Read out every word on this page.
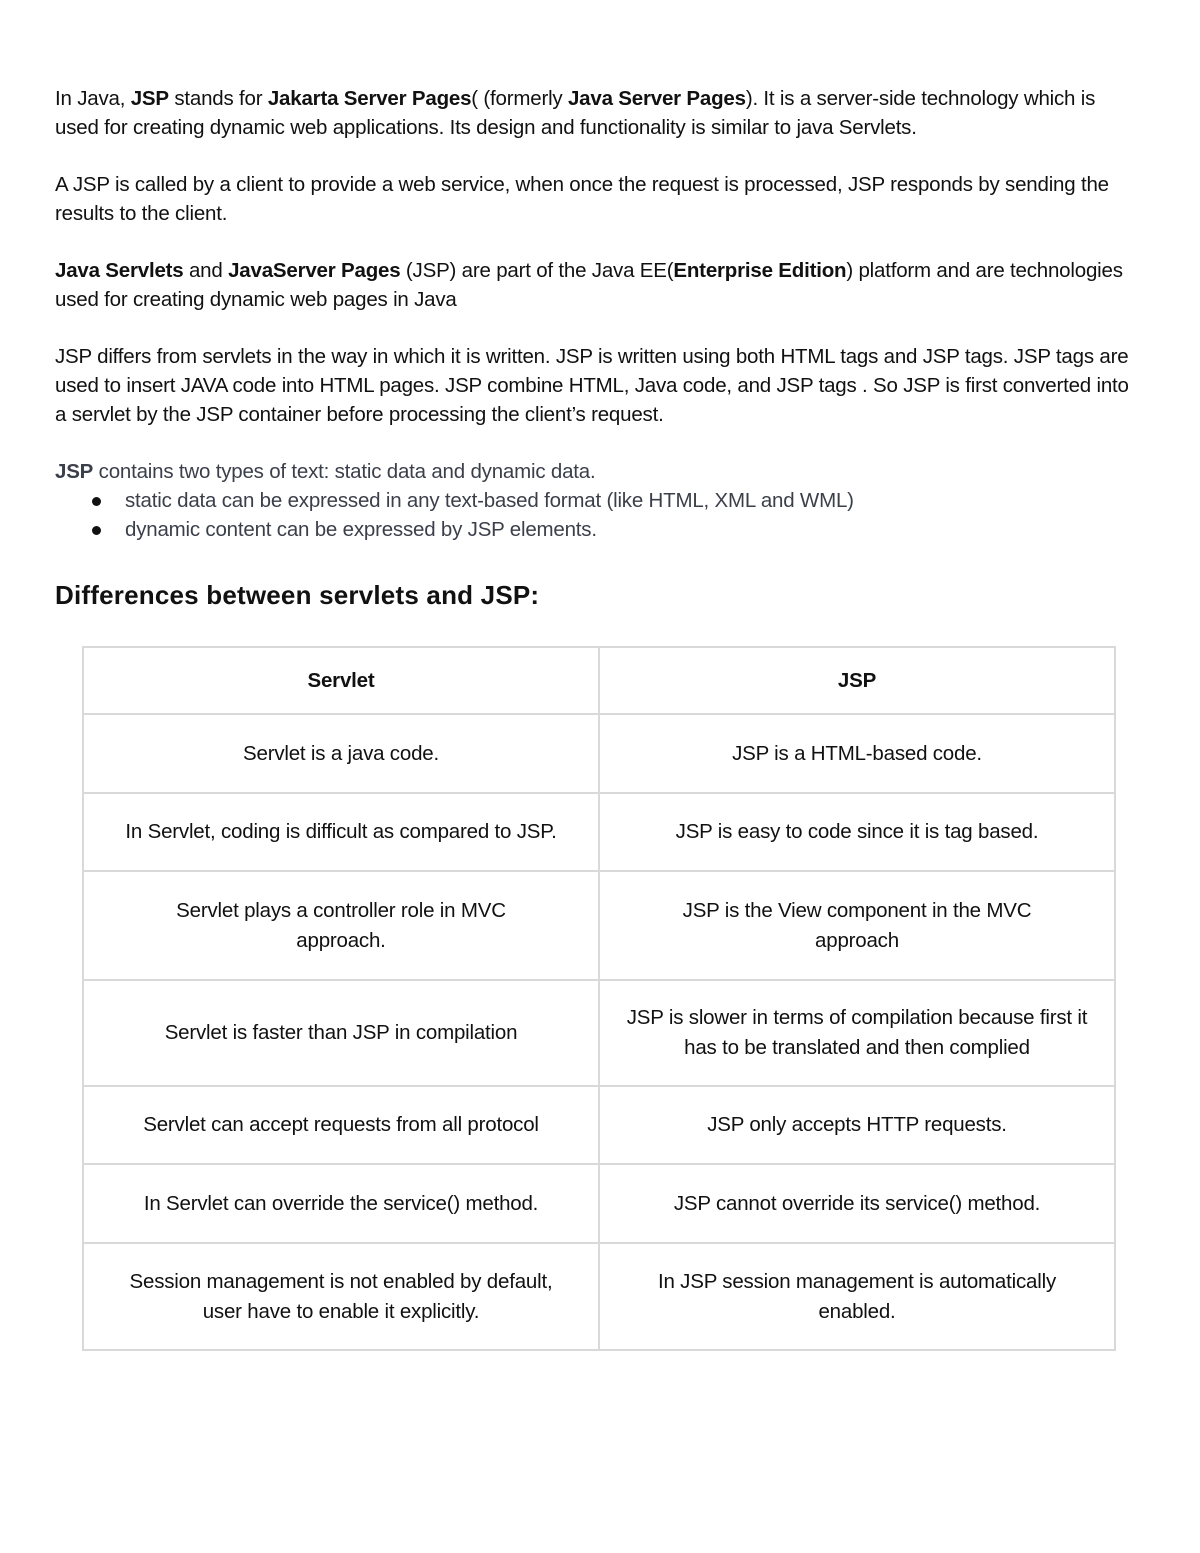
In Java, JSP stands for Jakarta Server Pages( (formerly Java Server Pages). It is a server-side technology which is used for creating dynamic web applications. Its design and functionality is similar to java Servlets.

A JSP is called by a client to provide a web service, when once the request is processed, JSP responds by sending the results to the client.

Java Servlets and JavaServer Pages (JSP) are part of the Java EE(Enterprise Edition) platform and are technologies used for creating dynamic web pages in Java

JSP differs from servlets in the way in which it is written. JSP is written using both HTML tags and JSP tags. JSP tags are used to insert JAVA code into HTML pages. JSP combine HTML, Java code, and JSP tags . So JSP is first converted into a servlet by the JSP container before processing the client’s request.

JSP contains two types of text: static data and dynamic data.

static data can be expressed in any text-based format (like HTML, XML and WML)
dynamic content can be expressed by JSP elements.
Differences between servlets and JSP:
Servlet	JSP
Servlet is a java code.	JSP is a HTML-based code.
In Servlet, coding is difficult as compared to JSP.	JSP is easy to code since it is tag based.
Servlet plays a controller role in MVC approach.	JSP is the View component in the MVC approach
Servlet is faster than JSP in compilation	JSP is slower in terms of compilation because first it has to be translated and then complied
Servlet can accept requests from all protocol	JSP only accepts HTTP requests.
In Servlet can override the service() method.	JSP cannot override its service() method.
Session management is not enabled by default, user have to enable it explicitly.	In JSP session management is automatically enabled.
